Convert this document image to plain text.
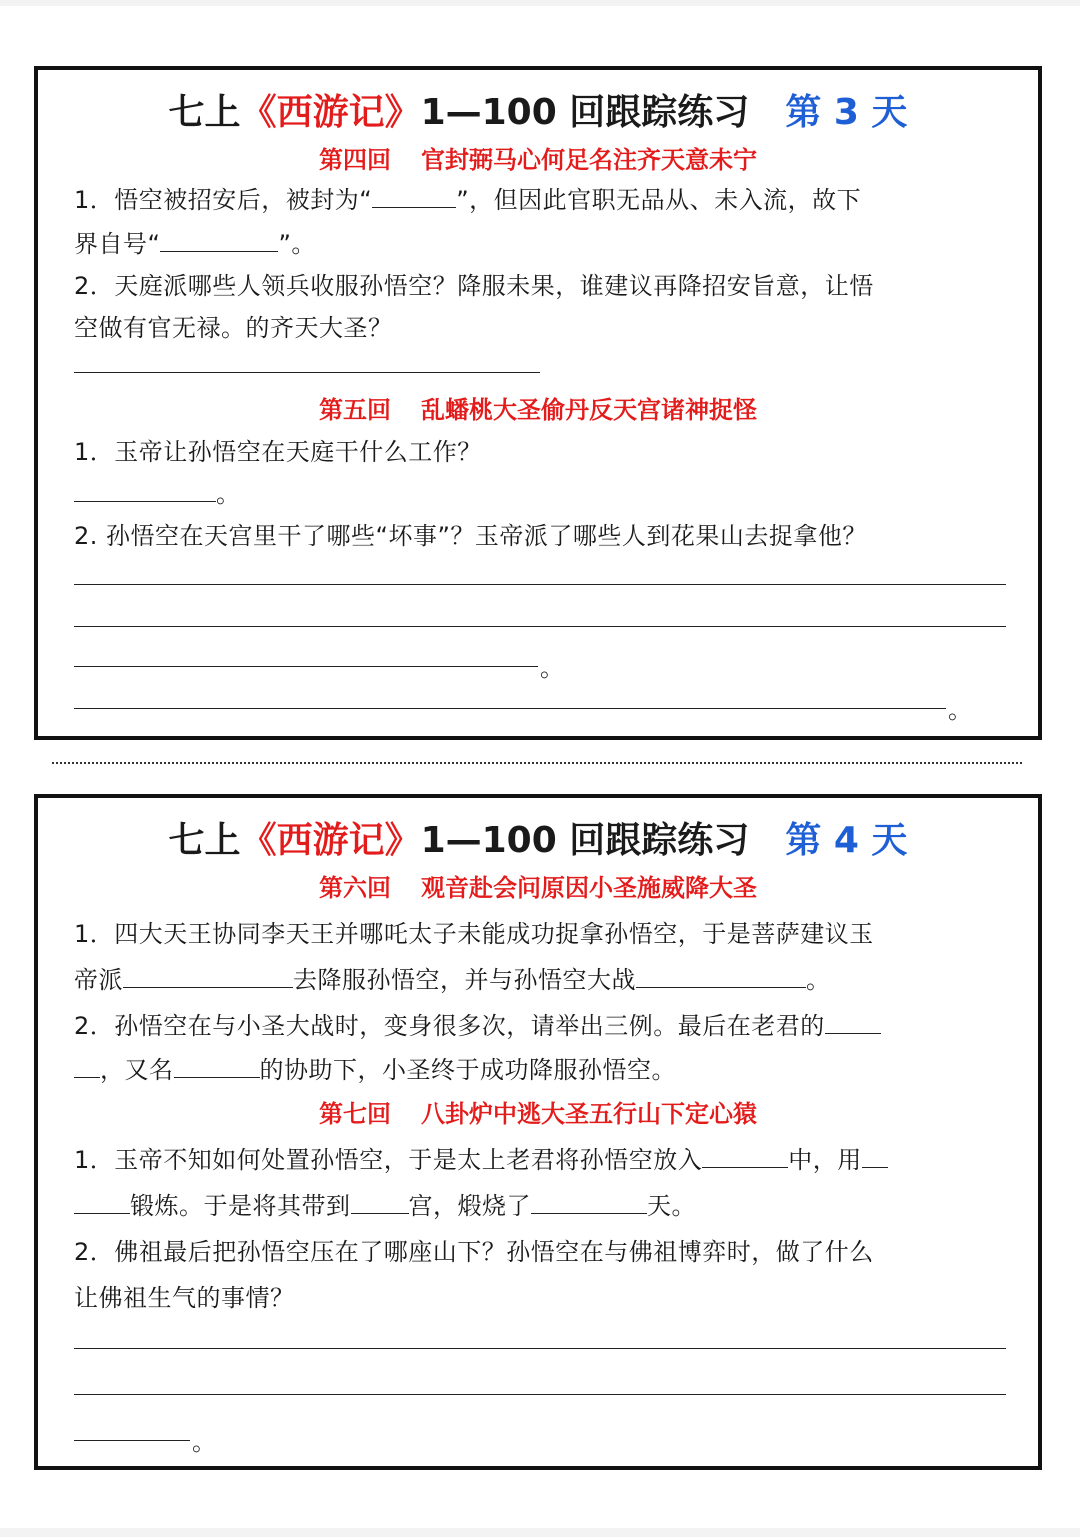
七上《西游记》1—100 回跟踪练习 第 3 天
第四回 官封弼马心何足名注齐天意未宁
1．悟空被招安后，被封为“	”，但因此官职无品从、未入流，故下
界自号“	”。
2．天庭派哪些人领兵收服孙悟空？降服未果，谁建议再降招安旨意，让悟
空做有官无禄。的齐天大圣？
第五回 乱蟠桃大圣偷丹反天宫诸神捉怪
1．玉帝让孙悟空在天庭干什么工作？
。
2. 孙悟空在天宫里干了哪些“坏事”？玉帝派了哪些人到花果山去捉拿他？
。
。
七上《西游记》1—100 回跟踪练习 第 4 天
第六回 观音赴会问原因小圣施威降大圣
1．四大天王协同李天王并哪吒太子未能成功捉拿孙悟空，于是菩萨建议玉
帝派	去降服孙悟空，并与孙悟空大战	。
2．孙悟空在与小圣大战时，变身很多次，请举出三例。最后在老君的
，又名	的协助下，小圣终于成功降服孙悟空。
第七回 八卦炉中逃大圣五行山下定心猿
1．玉帝不知如何处置孙悟空，于是太上老君将孙悟空放入	中，用
锻炼。于是将其带到 宫，煅烧了	天。
2．佛祖最后把孙悟空压在了哪座山下？孙悟空在与佛祖博弈时，做了什么
让佛祖生气的事情？
。
